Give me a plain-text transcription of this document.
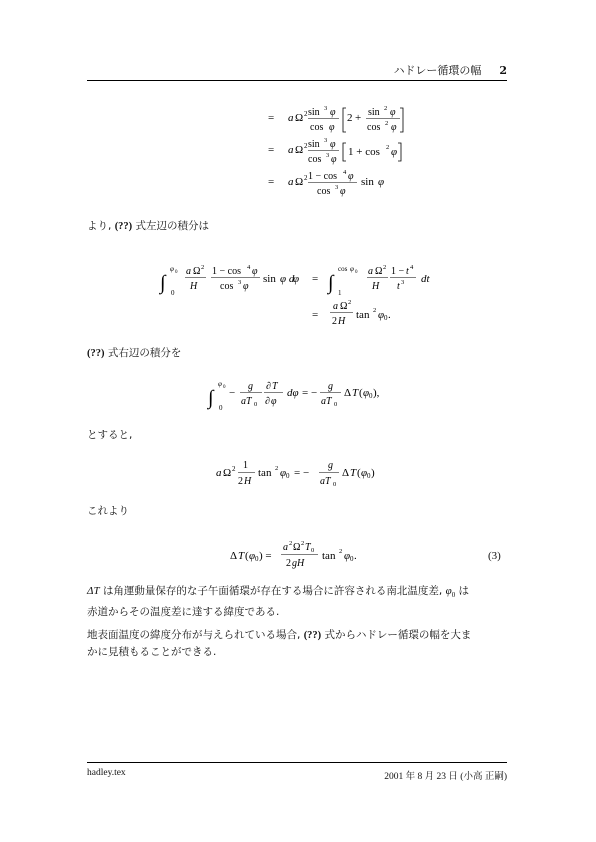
ハドレー循環の幅 2
= a Ω 2 sin 3 φ
cos φ
2 + sin 2 φ
cos 2 φ
= a Ω 2 sin 3 φ
cos 3 φ
1 + cos 2 φ
= a Ω 2 1 − cos 4 φ
cos 3 φ
sin φ
より, (??) 式左辺の積分は
∫
φ 0
0
a Ω 2
H
1 − cos 4 φ
cos 3 φ
sin φ d
φ = ∫
cos φ 0
1
a Ω 2
H
1 − t 4
t 3 dt
=
a Ω 2
2 H
tan 2 φ 0 .
(??) 式右辺の積分を
∫
φ 0
0
−
g
aT 0
∂ T
∂ φ
dφ = −
g
aT 0
Δ T ( φ 0 ),
とすると,
a Ω 2 1
2 H
tan 2 φ 0 = −
g
aT 0
Δ T ( φ 0 )
これより
Δ T ( φ 0 ) =
a 2 Ω 2 T 0
2 gH
tan 2 φ 0 .	(3)
ΔT は角運動量保存的な子午面循環が存在する場合に許容される南北温度差, $\varphi_0$ は
赤道からその温度差に達する緯度である.
地表面温度の緯度分布が与えられている場合, (??) 式からハドレー循環の幅を大ま
かに見積もることができる.
hadley.tex	2001 年 8 月 23 日 (小高 正嗣)
